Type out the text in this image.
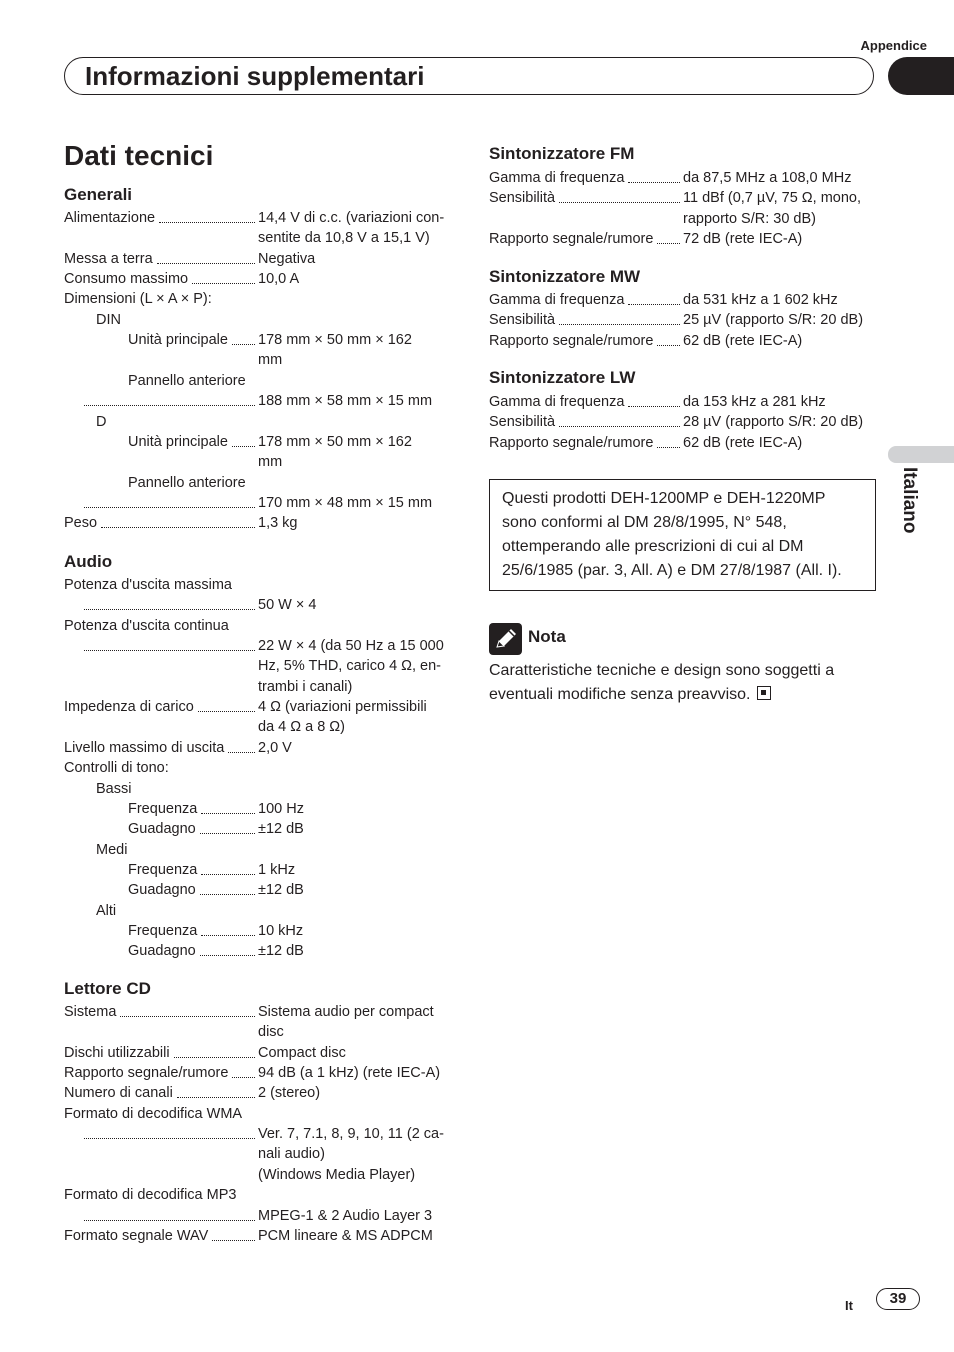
Appendice
Informazioni supplementari
Italiano
Dati tecnici
Generali
Alimentazione	14,4 V di c.c. (variazioni con-
sentite da 10,8 V a 15,1 V)
Messa a terra	Negativa
Consumo massimo	10,0 A
Dimensioni (L × A × P):
DIN
Unità principale 178 mm × 50 mm × 162
mm
Pannello anteriore
188 mm × 58 mm × 15 mm
D
Unità principale 178 mm × 50 mm × 162
mm
Pannello anteriore
170 mm × 48 mm × 15 mm
Peso	1,3 kg
Audio
Potenza d'uscita massima
50 W × 4
Potenza d'uscita continua
22 W × 4 (da 50 Hz a 15 000
Hz, 5% THD, carico 4 Ω, en-
trambi i canali)
Impedenza di carico	4 Ω (variazioni permissibili
da 4 Ω a 8 Ω)
Livello massimo di uscita 2,0 V
Controlli di tono:
Bassi
Frequenza	100 Hz
Guadagno	±12 dB
Medi
Frequenza	1 kHz
Guadagno	±12 dB
Alti
Frequenza	10 kHz
Guadagno	±12 dB
Lettore CD
Sistema	Sistema audio per compact
disc
Dischi utilizzabili	Compact disc
Rapporto segnale/rumore 94 dB (a 1 kHz) (rete IEC-A)
Numero di canali	2 (stereo)
Formato di decodifica WMA
Ver. 7, 7.1, 8, 9, 10, 11 (2 ca-
nali audio)
(Windows Media Player)
Formato di decodifica MP3
MPEG-1 & 2 Audio Layer 3
Formato segnale WAV	PCM lineare & MS ADPCM
Sintonizzatore FM
Gamma di frequenza	da 87,5 MHz a 108,0 MHz
Sensibilità	11 dBf (0,7 µV, 75 Ω, mono,
rapporto S/R: 30 dB)
Rapporto segnale/rumore 72 dB (rete IEC-A)
Sintonizzatore MW
Gamma di frequenza	da 531 kHz a 1 602 kHz
Sensibilità	25 µV (rapporto S/R: 20 dB)
Rapporto segnale/rumore 62 dB (rete IEC-A)
Sintonizzatore LW
Gamma di frequenza	da 153 kHz a 281 kHz
Sensibilità	28 µV (rapporto S/R: 20 dB)
Rapporto segnale/rumore 62 dB (rete IEC-A)
Questi prodotti DEH-1200MP e DEH-1220MP sono conformi al DM 28/8/1995, N° 548, ottemperando alle prescrizioni di cui al DM 25/6/1985 (par. 3, All. A) e DM 27/8/1987 (All. I).
Nota
Caratteristiche tecniche e design sono soggetti a eventuali modifiche senza preavviso.
It	39
